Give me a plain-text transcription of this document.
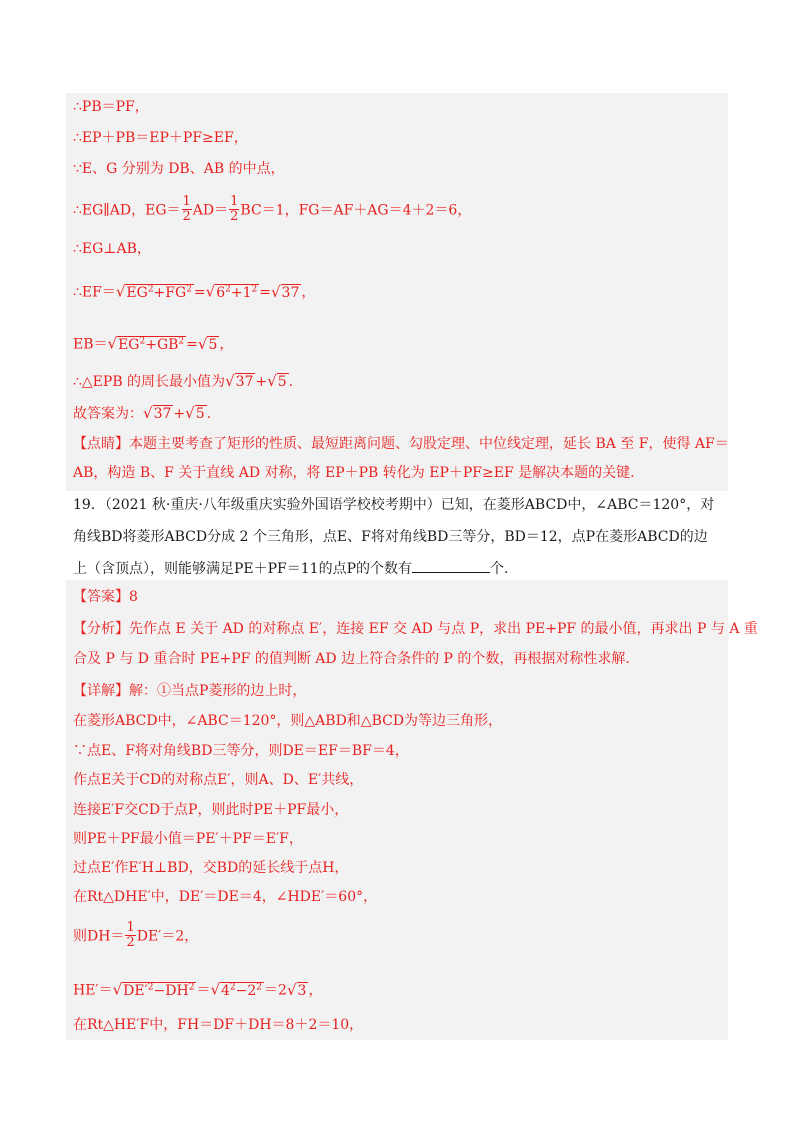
∴PB＝PF，
∴EP＋PB＝EP＋PF≥EF，
∵E、G 分别为 DB、AB 的中点，
∴EG∥AD，$EG= \frac{1}{2} AD= \frac{1}{2} BC=1$，FG＝AF＋AG＝4＋2＝6，
∴EG⊥AB，
$\therefore EF=√EG^2+FG^2 =√6^2+1^2 =√37$ ，
$EB=√EG^2+GB^2 =√5$ ，
∴△EPB 的周长最小值为√37 +√5 .
故答案为：√37 +√5 .
【点睛】本题主要考查了矩形的性质、最短距离问题、勾股定理、中位线定理，延长 BA 至 F，使得 AF＝
AB，构造 B、F 关于直线 AD 对称，将 EP＋PB 转化为 EP＋PF≥EF 是解决本题的关键.
19．（2021 秋·重庆·八年级重庆实验外国语学校校考期中）已知，在菱形ABCD中，∠ABC＝120°，对
角线BD将菱形ABCD分成 2 个三角形，点E、F将对角线BD三等分，BD＝12，点P在菱形ABCD的边
上（含顶点），则能够满足PE＋PF＝11的点P的个数有	个.
【答案】8
【分析】先作点 E 关于 AD 的对称点 E′，连接 EF 交 AD 与点 P，求出 PE+PF 的最小值，再求出 P 与 A 重
合及 P 与 D 重合时 PE+PF 的值判断 AD 边上符合条件的 P 的个数，再根据对称性求解.
【详解】解：①当点P菱形的边上时，
在菱形ABCD中，∠ABC＝120°，则△ABD和△BCD为等边三角形，
∵点E、F将对角线BD三等分，则DE＝EF＝BF＝4，
作点E关于CD的对称点E′，则A、D、E′共线，
连接E′F交CD于点P，则此时PE＋PF最小，
则PE＋PF最小值＝PE′＋PF＝E′F，
过点E′作E′H⊥BD，交BD的延长线于点H，
在Rt△DHE′中，DE′＝DE＝4，∠HDE′＝60°，
则$DH= \frac{1}{2} DE'=2$，
$HE'=√DE'^2-DH^2 =√4^2-2^2 =2√3$ ，
在Rt△HE′F中，FH＝DF＋DH＝8＋2＝10，
